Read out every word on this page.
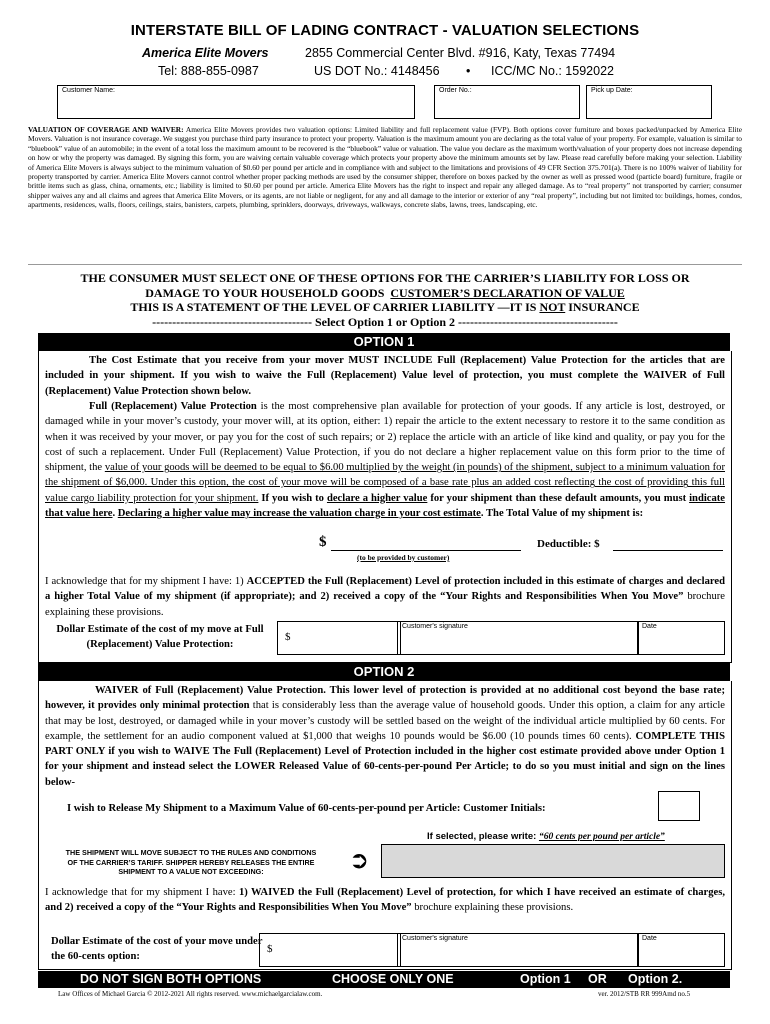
INTERSTATE BILL OF LADING CONTRACT - VALUATION SELECTIONS
America Elite Movers	2855 Commercial Center Blvd. #916, Katy, Texas 77494
Tel: 888-855-0987	US DOT No.: 4148456 • ICC/MC No.: 1592022
Customer Name:	Order No.:	Pick up Date:
VALUATION OF COVERAGE AND WAIVER: America Elite Movers provides two valuation options: Limited liability and full replacement value (FVP). Both options cover furniture and boxes packed/unpacked by America Elite Movers. Valuation is not insurance coverage. We suggest you purchase third party insurance to protect your property. Valuation is the maximum amount you are declaring as the total value of your property. For example, valuation is similar to “bluebook” value of an automobile; in the event of a total loss the maximum amount to be recovered is the “bluebook” value or valuation. The value you declare as the maximum worth/valuation of your property does not increase depending on how or why the property was damaged. By signing this form, you are waiving certain valuable coverage which protects your property above the minimum amounts set by law. Please read carefully before making your selection. Liability of America Elite Movers is always subject to the minimum valuation of $0.60 per pound per article and in compliance with and subject to the limitations and provisions of 49 CFR Section 375.701(a). There is no 100% waiver of liability for property transported by carrier. America Elite Movers cannot control whether proper packing methods are used by the consumer shipper, therefore on boxes packed by the owner as well as pressed wood (particle board) furniture, fragile or brittle items such as glass, china, ornaments, etc.; liability is limited to $0.60 per pound per article. America Elite Movers has the right to inspect and repair any alleged damage. As to “real property” not transported by carrier; consumer shipper waives any and all claims and agrees that America Elite Movers, or its agents, are not liable or negligent, for any and all damage to the interior or exterior of any “real property”, including but not limited to: buildings, homes, condos, apartments, residences, walls, floors, ceilings, stairs, banisters, carpets, plumbing, sprinklers, doorways, driveways, walkways, concrete slabs, lawns, trees, landscaping, etc.
THE CONSUMER MUST SELECT ONE OF THESE OPTIONS FOR THE CARRIER’S LIABILITY FOR LOSS OR
DAMAGE TO YOUR HOUSEHOLD GOODS CUSTOMER’S DECLARATION OF VALUE
THIS IS A STATEMENT OF THE LEVEL OF CARRIER LIABILITY —IT IS NOT INSURANCE
---------------------------------------- Select Option 1 or Option 2 ----------------------------------------
OPTION 1
The Cost Estimate that you receive from your mover MUST INCLUDE Full (Replacement) Value Protection for the articles that are included in your shipment. If you wish to waive the Full (Replacement) Value level of protection, you must complete the WAIVER of Full (Replacement) Value Protection shown below.
Full (Replacement) Value Protection is the most comprehensive plan available for protection of your goods. If any article is lost, destroyed, or damaged while in your mover’s custody, your mover will, at its option, either: 1) repair the article to the extent necessary to restore it to the same condition as when it was received by your mover, or pay you for the cost of such repairs; or 2) replace the article with an article of like kind and quality, or pay you for the cost of such a replacement. Under Full (Replacement) Value Protection, if you do not declare a higher replacement value on this form prior to the time of shipment, the value of your goods will be deemed to be equal to $6.00 multiplied by the weight (in pounds) of the shipment, subject to a minimum valuation for the shipment of $6,000. Under this option, the cost of your move will be composed of a base rate plus an added cost reflecting the cost of providing this full value cargo liability protection for your shipment. If you wish to declare a higher value for your shipment than these default amounts, you must indicate that value here. Declaring a higher value may increase the valuation charge in your cost estimate. The Total Value of my shipment is:
$	Deductible: $
(to be provided by customer)
I acknowledge that for my shipment I have: 1) ACCEPTED the Full (Replacement) Level of protection included in this estimate of charges and declared a higher Total Value of my shipment (if appropriate); and 2) received a copy of the “Your Rights and Responsibilities When You Move” brochure explaining these provisions.
Dollar Estimate of the cost of my move at Full (Replacement) Value Protection:
$
Customer's signature	Date
OPTION 2
WAIVER of Full (Replacement) Value Protection. This lower level of protection is provided at no additional cost beyond the base rate; however, it provides only minimal protection that is considerably less than the average value of household goods. Under this option, a claim for any article that may be lost, destroyed, or damaged while in your mover’s custody will be settled based on the weight of the individual article multiplied by 60 cents. For example, the settlement for an audio component valued at $1,000 that weighs 10 pounds would be $6.00 (10 pounds times 60 cents). COMPLETE THIS PART ONLY if you wish to WAIVE The Full (Replacement) Level of Protection included in the higher cost estimate provided above under Option 1 for your shipment and instead select the LOWER Released Value of 60-cents-per-pound Per Article; to do so you must initial and sign on the lines below-
I wish to Release My Shipment to a Maximum Value of 60-cents-per-pound per Article: Customer Initials:
If selected, please write: “60 cents per pound per article”
THE SHIPMENT WILL MOVE SUBJECT TO THE RULES AND CONDITIONS OF THE CARRIER’S TARIFF. SHIPPER HEREBY RELEASES THE ENTIRE SHIPMENT TO A VALUE NOT EXCEEDING:	➲
I acknowledge that for my shipment I have: 1) WAIVED the Full (Replacement) Level of protection, for which I have received an estimate of charges, and 2) received a copy of the “Your Rights and Responsibilities When You Move” brochure explaining these provisions.
Dollar Estimate of the cost of your move under the 60-cents option:
$
Customer's signature	Date
DO NOT SIGN BOTH OPTIONS	CHOOSE ONLY ONE	Option 1 OR Option 2.
Law Offices of Michael Garcia © 2012-2021 All rights reserved. www.michaelgarcialaw.com.	ver. 2012/STB RR 999Amd no.5
